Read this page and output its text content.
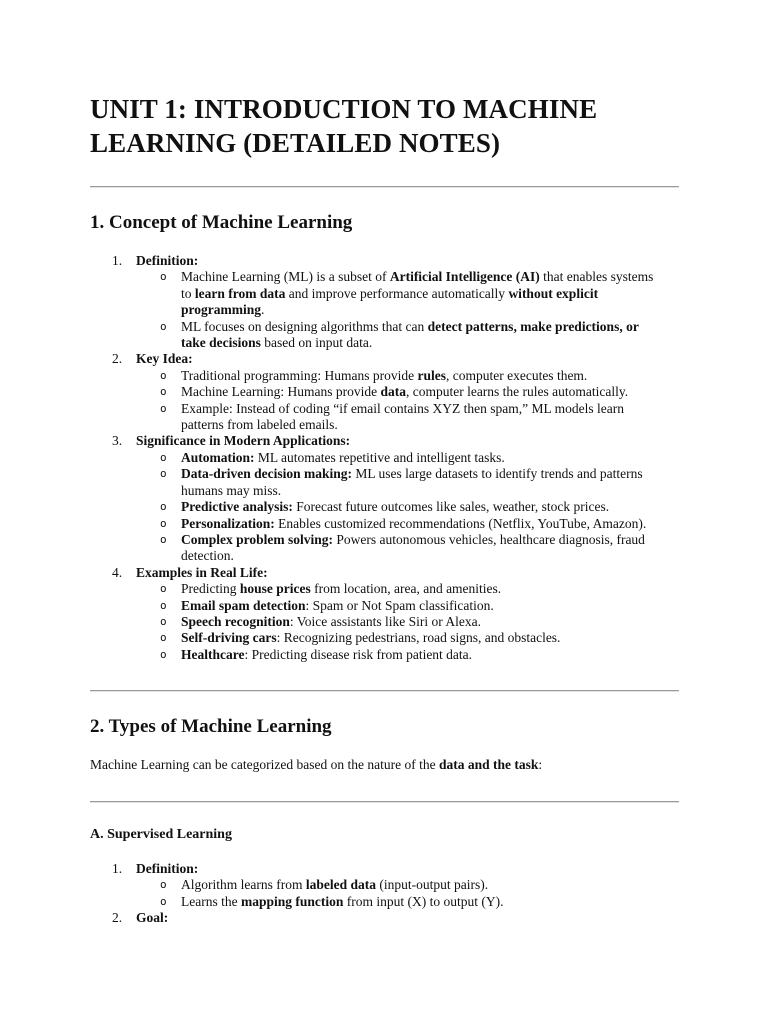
UNIT 1: INTRODUCTION TO MACHINE LEARNING (DETAILED NOTES)
1. Concept of Machine Learning
1. Definition:
o Machine Learning (ML) is a subset of Artificial Intelligence (AI) that enables systems to learn from data and improve performance automatically without explicit programming.
o ML focuses on designing algorithms that can detect patterns, make predictions, or take decisions based on input data.
2. Key Idea:
o Traditional programming: Humans provide rules, computer executes them.
o Machine Learning: Humans provide data, computer learns the rules automatically.
o Example: Instead of coding “if email contains XYZ then spam,” ML models learn patterns from labeled emails.
3. Significance in Modern Applications:
o Automation: ML automates repetitive and intelligent tasks.
o Data-driven decision making: ML uses large datasets to identify trends and patterns humans may miss.
o Predictive analysis: Forecast future outcomes like sales, weather, stock prices.
o Personalization: Enables customized recommendations (Netflix, YouTube, Amazon).
o Complex problem solving: Powers autonomous vehicles, healthcare diagnosis, fraud detection.
4. Examples in Real Life:
o Predicting house prices from location, area, and amenities.
o Email spam detection: Spam or Not Spam classification.
o Speech recognition: Voice assistants like Siri or Alexa.
o Self-driving cars: Recognizing pedestrians, road signs, and obstacles.
o Healthcare: Predicting disease risk from patient data.
2. Types of Machine Learning

Machine Learning can be categorized based on the nature of the data and the task:

A. Supervised Learning
1. Definition:
o Algorithm learns from labeled data (input-output pairs).
o Learns the mapping function from input (X) to output (Y).
2. Goal:
